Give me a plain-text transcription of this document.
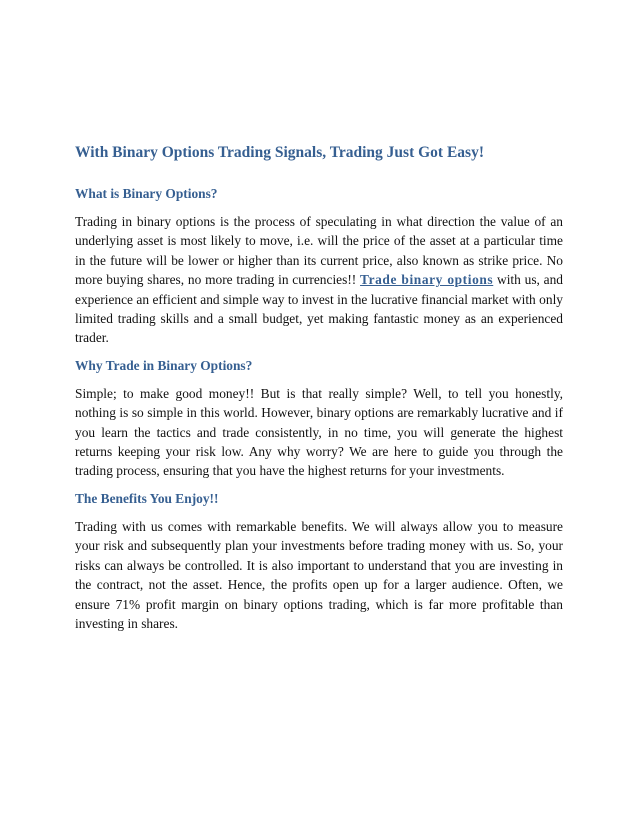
With Binary Options Trading Signals, Trading Just Got Easy!
What is Binary Options?

Trading in binary options is the process of speculating in what direction the value of an underlying asset is most likely to move, i.e. will the price of the asset at a particular time in the future will be lower or higher than its current price, also known as strike price. No more buying shares, no more trading in currencies!! Trade binary options with us, and experience an efficient and simple way to invest in the lucrative financial market with only limited trading skills and a small budget, yet making fantastic money as an experienced trader.

Why Trade in Binary Options?

Simple; to make good money!! But is that really simple? Well, to tell you honestly, nothing is so simple in this world. However, binary options are remarkably lucrative and if you learn the tactics and trade consistently, in no time, you will generate the highest returns keeping your risk low. Any why worry? We are here to guide you through the trading process, ensuring that you have the highest returns for your investments.

The Benefits You Enjoy!!

Trading with us comes with remarkable benefits. We will always allow you to measure your risk and subsequently plan your investments before trading money with us. So, your risks can always be controlled. It is also important to understand that you are investing in the contract, not the asset. Hence, the profits open up for a larger audience. Often, we ensure 71% profit margin on binary options trading, which is far more profitable than investing in shares.
